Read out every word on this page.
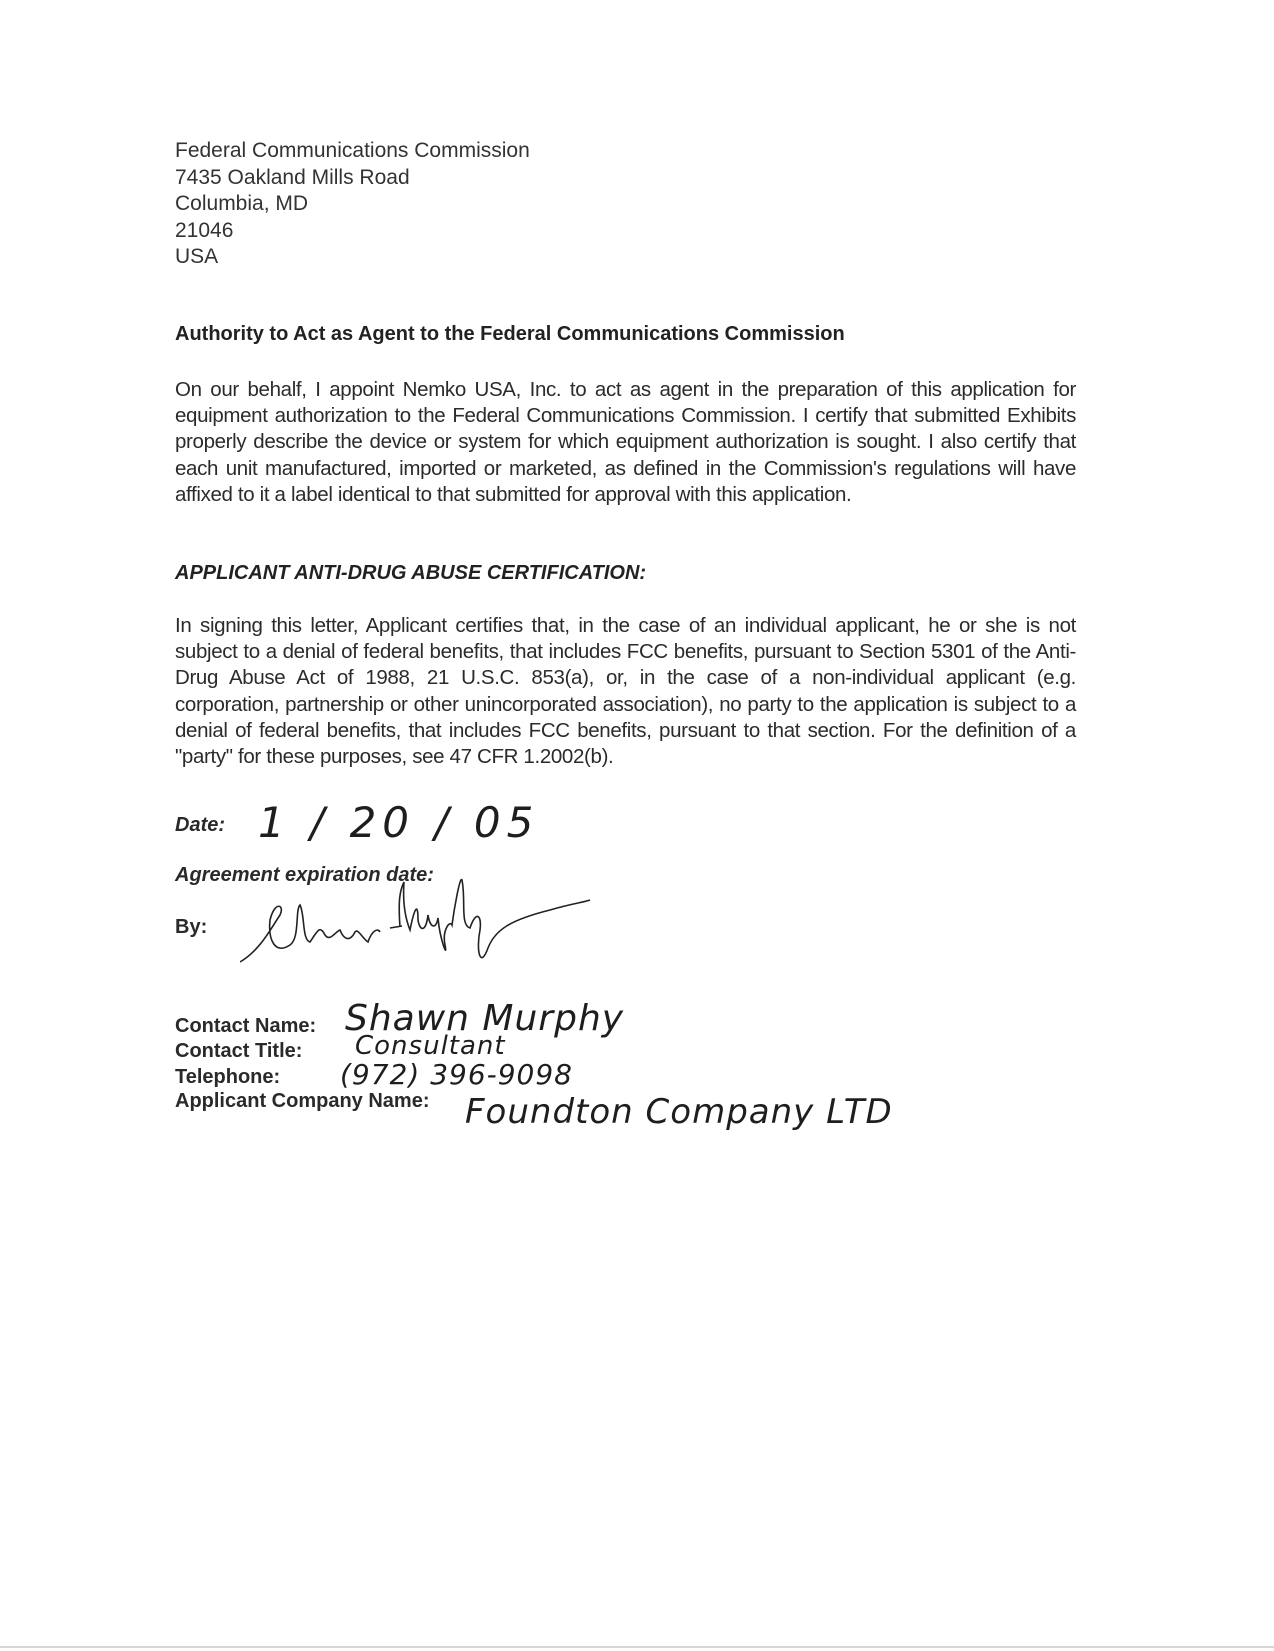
Federal Communications Commission
7435 Oakland Mills Road
Columbia, MD
21046
USA
Authority to Act as Agent to the Federal Communications Commission
On our behalf, I appoint Nemko USA, Inc. to act as agent in the preparation of this application for equipment authorization to the Federal Communications Commission. I certify that submitted Exhibits properly describe the device or system for which equipment authorization is sought. I also certify that each unit manufactured, imported or marketed, as defined in the Commission's regulations will have affixed to it a label identical to that submitted for approval with this application.
APPLICANT ANTI-DRUG ABUSE CERTIFICATION:
In signing this letter, Applicant certifies that, in the case of an individual applicant, he or she is not subject to a denial of federal benefits, that includes FCC benefits, pursuant to Section 5301 of the Anti-Drug Abuse Act of 1988, 21 U.S.C. 853(a), or, in the case of a non-individual applicant (e.g. corporation, partnership or other unincorporated association), no party to the application is subject to a denial of federal benefits, that includes FCC benefits, pursuant to that section. For the definition of a "party" for these purposes, see 47 CFR 1.2002(b).
Date: 1 / 20 / 05
Agreement expiration date:
By:
Contact Name: Shawn Murphy
Contact Title: Consultant
Telephone: (972) 396-9098
Applicant Company Name: Foundton Company LTD
